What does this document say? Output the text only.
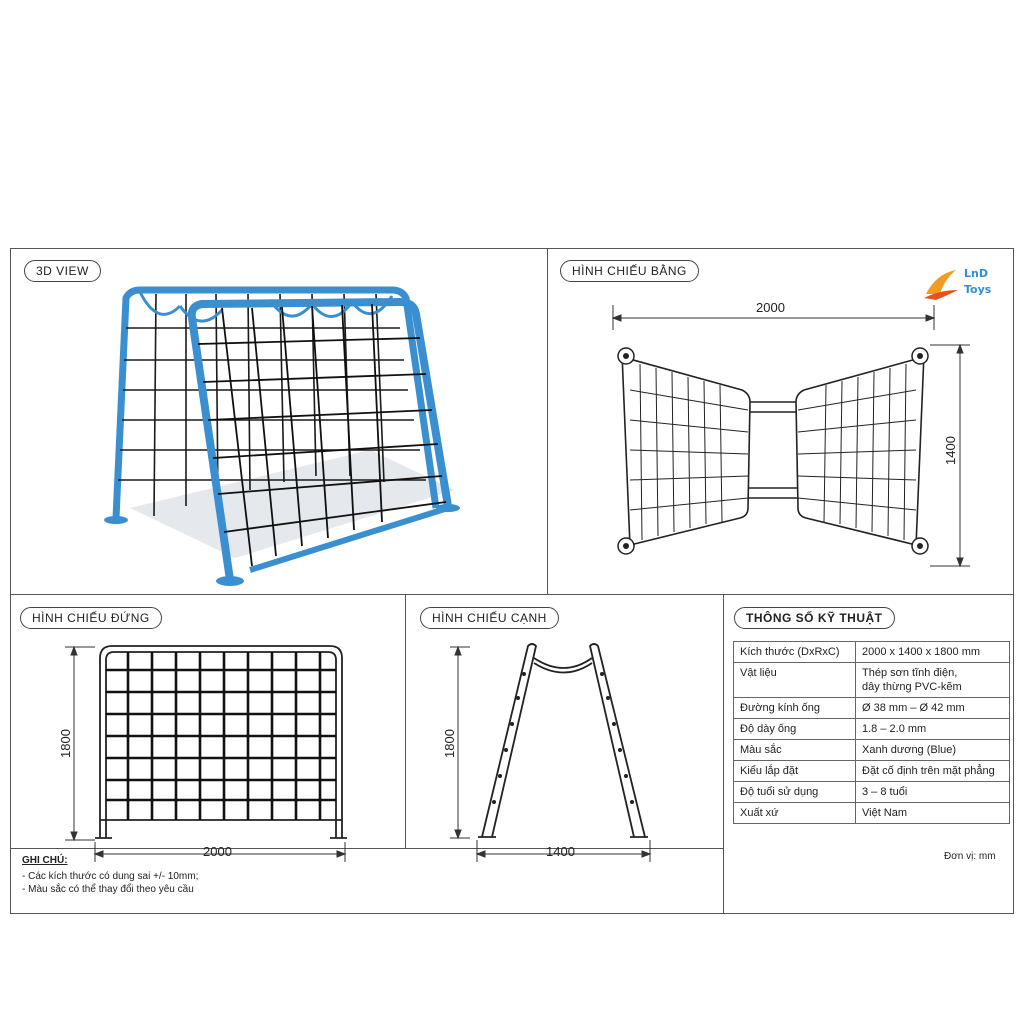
3D VIEW	HÌNH CHIẾU BẰNG
HÌNH CHIẾU ĐỨNG	HÌNH CHIẾU CẠNH	THÔNG SỐ KỸ THUẬT
LnD
Toys
2000
1400
1800
2000
1800
1400
Kích thước (DxRxC)	2000 x 1400 x 1800 mm
Vật liệu	Thép sơn tĩnh điện,
dây thừng PVC-kẽm
Đường kính ống	Ø 38 mm – Ø 42 mm
Độ dày ống	1.8 – 2.0 mm
Màu sắc	Xanh dương (Blue)
Kiểu lắp đặt	Đặt cố định trên mặt phẳng
Độ tuổi sử dụng	3 – 8 tuổi
Xuất xứ	Việt Nam
Đơn vị: mm
GHI CHÚ:
- Các kích thước có dung sai +/- 10mm;
- Màu sắc có thể thay đổi theo yêu cầu
